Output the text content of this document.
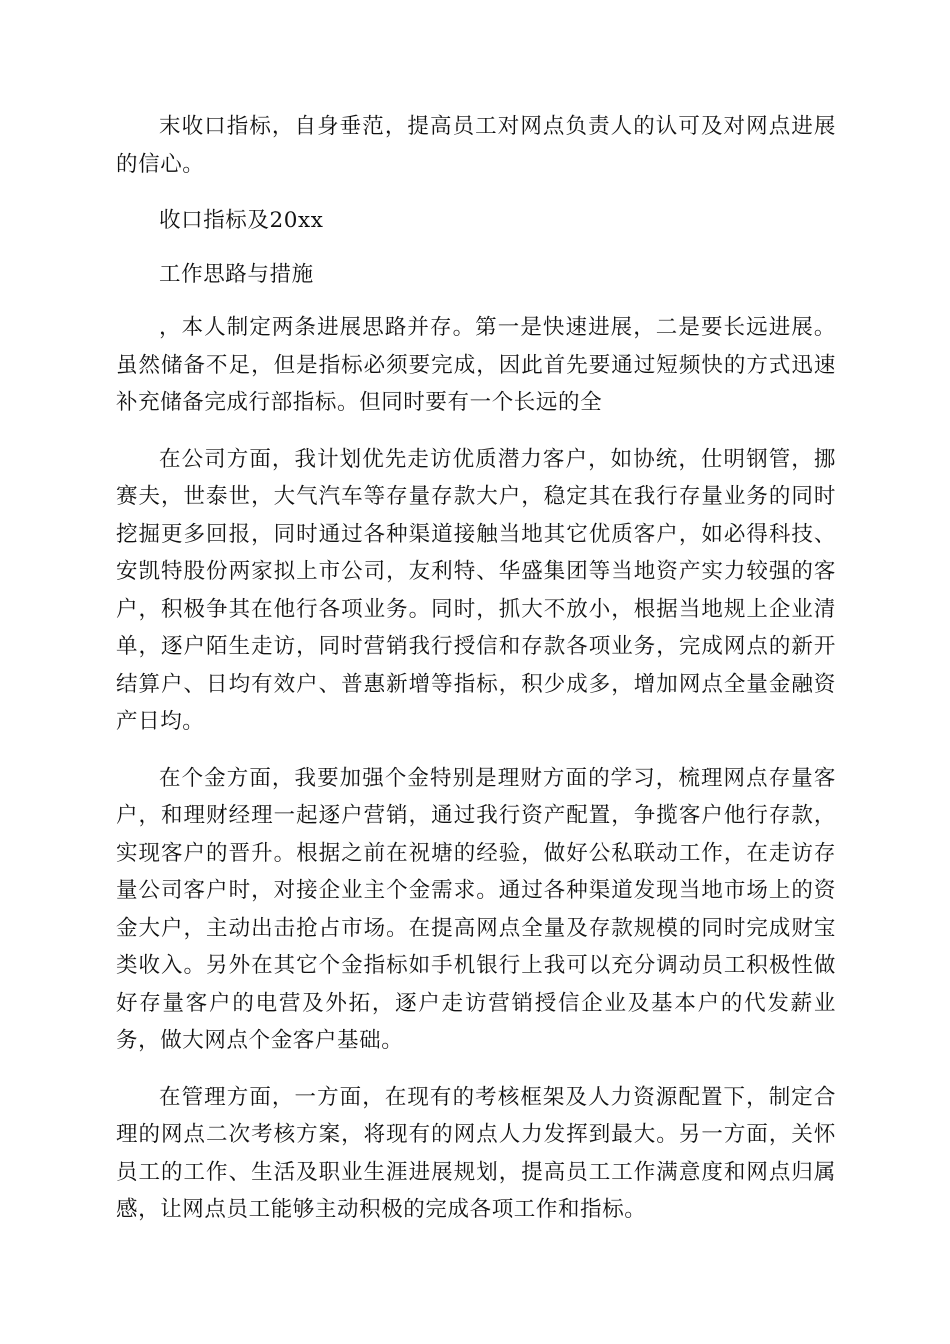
末收口指标，自身垂范，提高员工对网点负责人的认可及对网点进展的信心。

收口指标及20xx

工作思路与措施

，本人制定两条进展思路并存。第一是快速进展，二是要长远进展。虽然储备不足，但是指标必须要完成，因此首先要通过短频快的方式迅速补充储备完成行部指标。但同时要有一个长远的全

在公司方面，我计划优先走访优质潜力客户，如协统，仕明钢管，挪赛夫，世泰世，大气汽车等存量存款大户，稳定其在我行存量业务的同时挖掘更多回报，同时通过各种渠道接触当地其它优质客户，如必得科技、安凯特股份两家拟上市公司，友利特、华盛集团等当地资产实力较强的客户，积极争其在他行各项业务。同时，抓大不放小，根据当地规上企业清单，逐户陌生走访，同时营销我行授信和存款各项业务，完成网点的新开结算户、日均有效户、普惠新增等指标，积少成多，增加网点全量金融资产日均。

在个金方面，我要加强个金特别是理财方面的学习，梳理网点存量客户，和理财经理一起逐户营销，通过我行资产配置，争揽客户他行存款，实现客户的晋升。根据之前在祝塘的经验，做好公私联动工作，在走访存量公司客户时，对接企业主个金需求。通过各种渠道发现当地市场上的资金大户，主动出击抢占市场。在提高网点全量及存款规模的同时完成财宝类收入。另外在其它个金指标如手机银行上我可以充分调动员工积极性做好存量客户的电营及外拓，逐户走访营销授信企业及基本户的代发薪业务，做大网点个金客户基础。

在管理方面，一方面，在现有的考核框架及人力资源配置下，制定合理的网点二次考核方案，将现有的网点人力发挥到最大。另一方面，关怀员工的工作、生活及职业生涯进展规划，提高员工工作满意度和网点归属感，让网点员工能够主动积极的完成各项工作和指标。
